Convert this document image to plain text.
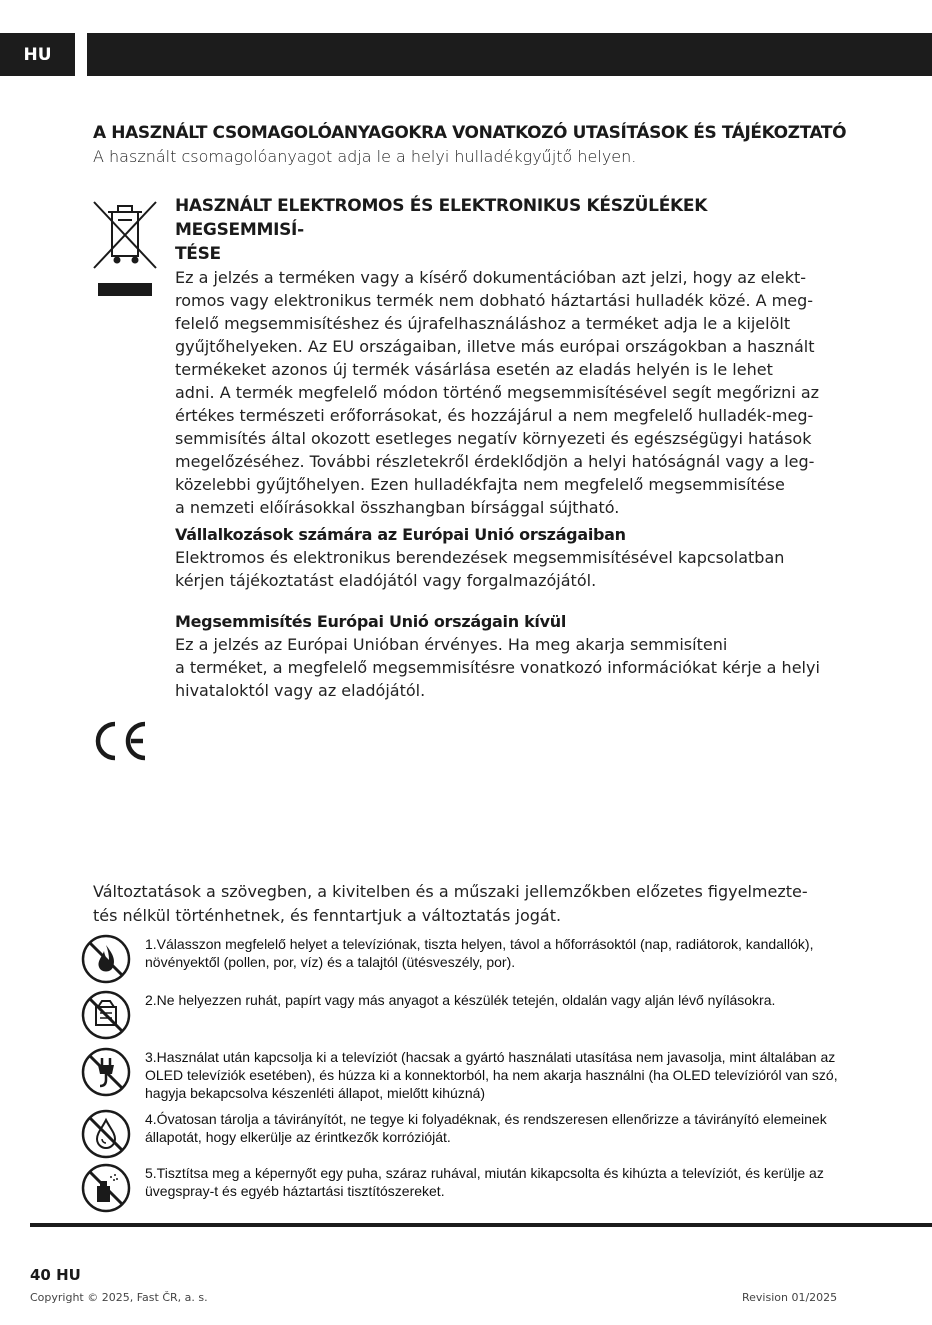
HU
A HASZNÁLT CSOMAGOLÓANYAGOKRA VONATKOZÓ UTASÍTÁSOK ÉS TÁJÉKOZTATÓ
A használt csomagolóanyagot adja le a helyi hulladékgyűjtő helyen.

HASZNÁLT ELEKTROMOS ÉS ELEKTRONIKUS KÉSZÜLÉKEK MEGSEMMISÍ-
TÉSE

Ez a jelzés a terméken vagy a kísérő dokumentációban azt jelzi, hogy az elekt-
romos vagy elektronikus termék nem dobható háztartási hulladék közé. A meg-
felelő megsemmisítéshez és újrafelhasználáshoz a terméket adja le a kijelölt
gyűjtőhelyeken. Az EU országaiban, illetve más európai országokban a használt
termékeket azonos új termék vásárlása esetén az eladás helyén is le lehet
adni. A termék megfelelő módon történő megsemmisítésével segít megőrizni az
értékes természeti erőforrásokat, és hozzájárul a nem megfelelő hulladék-meg-
semmisítés által okozott esetleges negatív környezeti és egészségügyi hatások
megelőzéséhez. További részletekről érdeklődjön a helyi hatóságnál vagy a leg-
közelebbi gyűjtőhelyen. Ezen hulladékfajta nem megfelelő megsemmisítése
a nemzeti előírásokkal összhangban bírsággal sújtható.

Vállalkozások számára az Európai Unió országaiban

Elektromos és elektronikus berendezések megsemmisítésével kapcsolatban
kérjen tájékoztatást eladójától vagy forgalmazójától.

Megsemmisítés Európai Unió országain kívül

Ez a jelzés az Európai Unióban érvényes. Ha meg akarja semmisíteni
a terméket, a megfelelő megsemmisítésre vonatkozó információkat kérje a helyi
hivataloktól vagy az eladójától.

Változtatások a szövegben, a kivitelben és a műszaki jellemzőkben előzetes figyelmezte-
tés nélkül történhetnek, és fenntartjuk a változtatás jogát.

1.Válasszon megfelelő helyet a televíziónak, tiszta helyen, távol a hőforrásoktól (nap, radiátorok, kandallók), növényektől (pollen, por, víz) és a talajtól (ütésveszély, por).

2.Ne helyezzen ruhát, papírt vagy más anyagot a készülék tetején, oldalán vagy alján lévő nyílásokra.

3.Használat után kapcsolja ki a televíziót (hacsak a gyártó használati utasítása nem javasolja, mint általában az OLED televíziók esetében), és húzza ki a konnektorból, ha nem akarja használni (ha OLED televízióról van szó, hagyja bekapcsolva készenléti állapot, mielőtt kihúzná)

4.Óvatosan tárolja a távirányítót, ne tegye ki folyadéknak, és rendszeresen ellenőrizze a távirányító elemeinek állapotát, hogy elkerülje az érintkezők korrózióját.

5.Tisztítsa meg a képernyőt egy puha, száraz ruhával, miután kikapcsolta és kihúzta a televíziót, és kerülje az üvegspray-t és egyéb háztartási tisztítószereket.

40 HU
Copyright © 2025, Fast ČR, a. s.	Revision 01/2025
